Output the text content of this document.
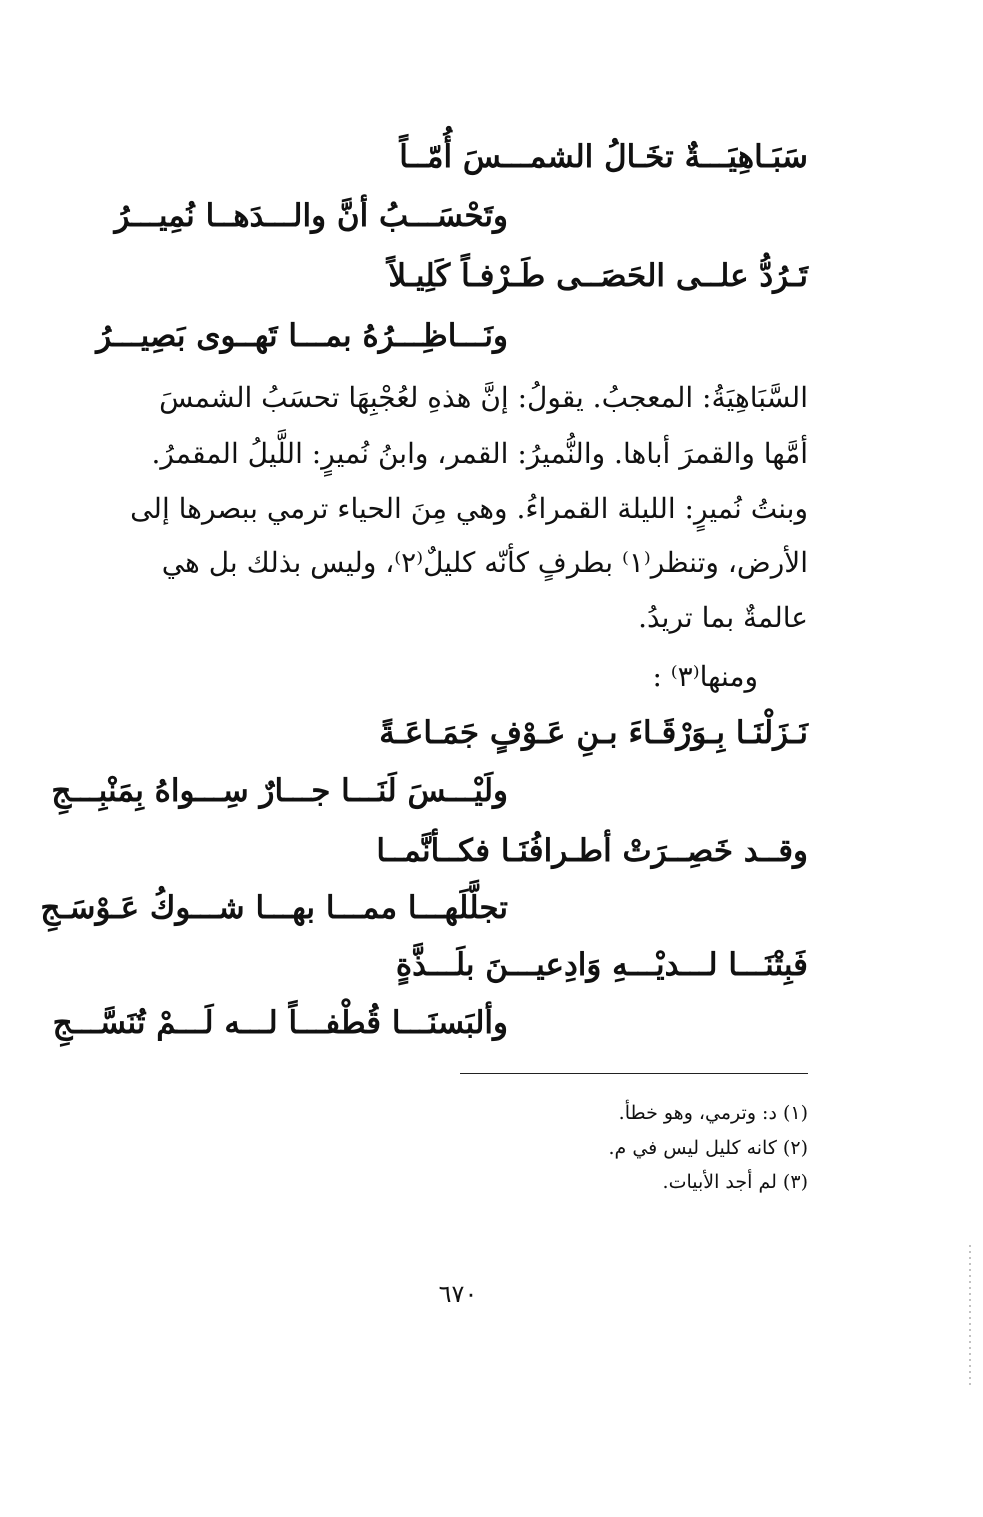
سَبَـاهِيَـــةٌ تخَـالُ الشمـــسَ أُمّــاً
وتَحْسَـــبُ أنَّ والـــدَهــا نُمِيـــرُ
تَـرُدُّ علــى الحَصَــى طَـرْفـاً كَلِيـلاً
ونَـــاظِـــرُهُ بمـــا تَهــوى بَصِيـــرُ
السَّبَاهِيَةُ: المعجبُ. يقولُ: إنَّ هذهِ لعُجْبِهَا تحسَبُ الشمسَ
أمَّها والقمرَ أباها. والنُّميرُ: القمر، وابنُ نُميرٍ: اللَّيلُ المقمرُ.
وبنتُ نُميرٍ: الليلة القمراءُ. وهي مِنَ الحياء ترمي ببصرها إلى
الأرض، وتنظر⁽١⁾ بطرفٍ كأنّه كليلٌ⁽٢⁾، وليس بذلك بل هي
عالمةٌ بما تريدُ.
ومنها⁽٣⁾ :
نَـزَلْنَـا بِـوَرْقَـاءَ بـنِ عَـوْفٍ جَمَـاعَـةً
ولَيْـــسَ لَنَـــا جـــارٌ سِـــواهُ بِمَنْبِـــجِ
وقــد خَصِــرَتْ أطـرافُنَـا فكــأنَّمــا
تجلَّلَهـــا ممـــا بهـــا شـــوكُ عَـوْسَـجِ
فَبِتْنَـــا لـــديْـــهِ وَادِعيـــنَ بلَـــذَّةٍ
وألبَسنَـــا قُطْفـــاً لـــه لَـــمْ تُنَسَّـــجِ
(١) د: وترمي، وهو خطأ.
(٢) كانه كليل ليس في م.
(٣) لم أجد الأبيات.
٦٧٠
